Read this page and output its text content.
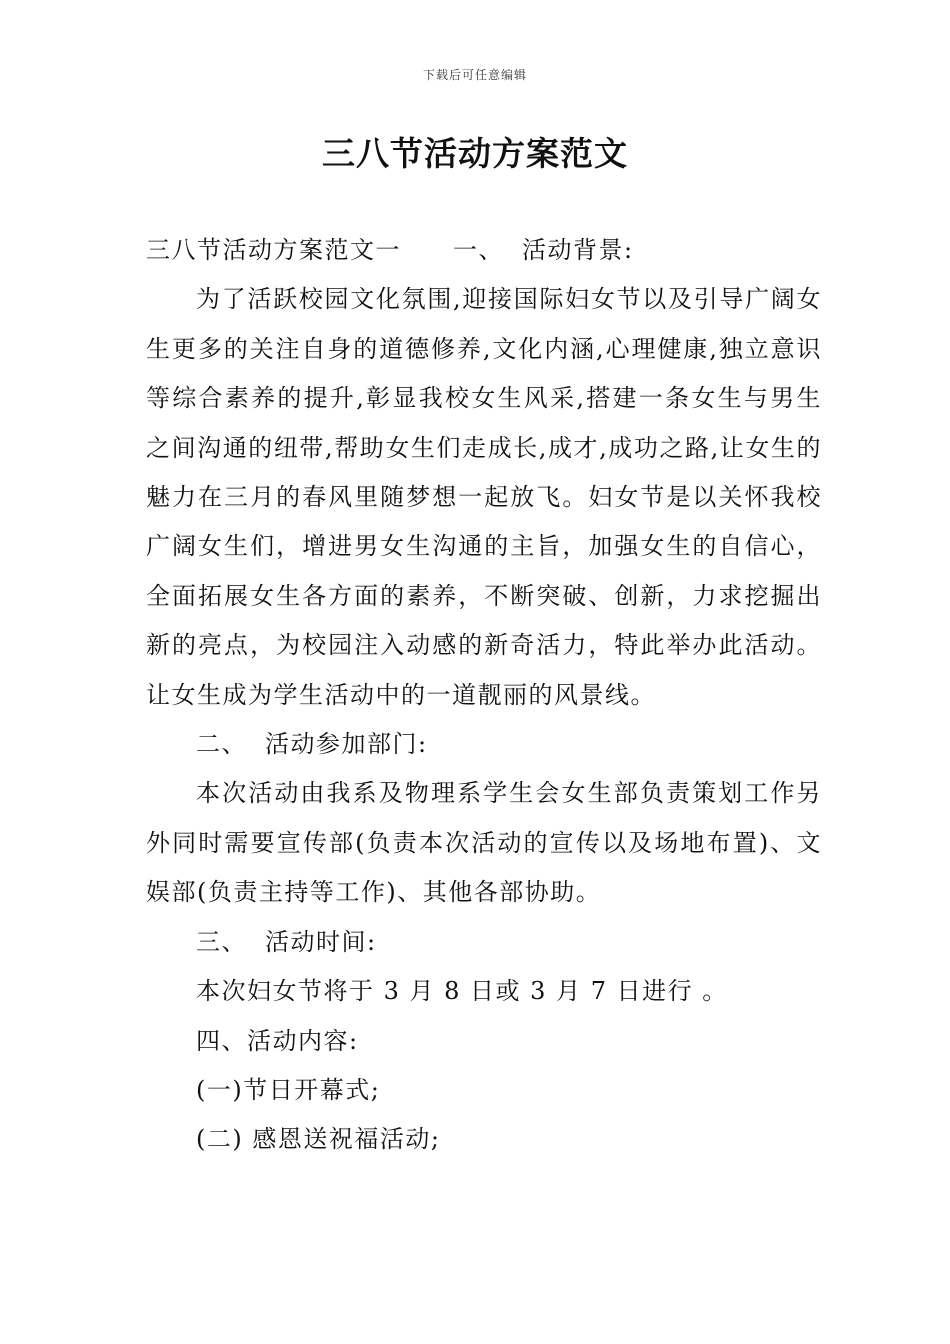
下载后可任意编辑
三八节活动方案范文

三八节活动方案范文一 一、 活动背景:

为了活跃校园文化氛围,迎接国际妇女节以及引导广阔女生更多的关注自身的道德修养,文化内涵,心理健康,独立意识等综合素养的提升,彰显我校女生风采,搭建一条女生与男生之间沟通的纽带,帮助女生们走成长,成才,成功之路,让女生的魅力在三月的春风里随梦想一起放飞。妇女节是以关怀我校广阔女生们，增进男女生沟通的主旨，加强女生的自信心，全面拓展女生各方面的素养，不断突破、创新，力求挖掘出新的亮点，为校园注入动感的新奇活力，特此举办此活动。让女生成为学生活动中的一道靓丽的风景线。

二、 活动参加部门:

本次活动由我系及物理系学生会女生部负责策划工作另外同时需要宣传部(负责本次活动的宣传以及场地布置)、文娱部(负责主持等工作)、其他各部协助。

三、 活动时间:

本次妇女节将于 3 月 8 日或 3 月 7 日进行 。

四、活动内容:

(一)节日开幕式;

(二) 感恩送祝福活动;
